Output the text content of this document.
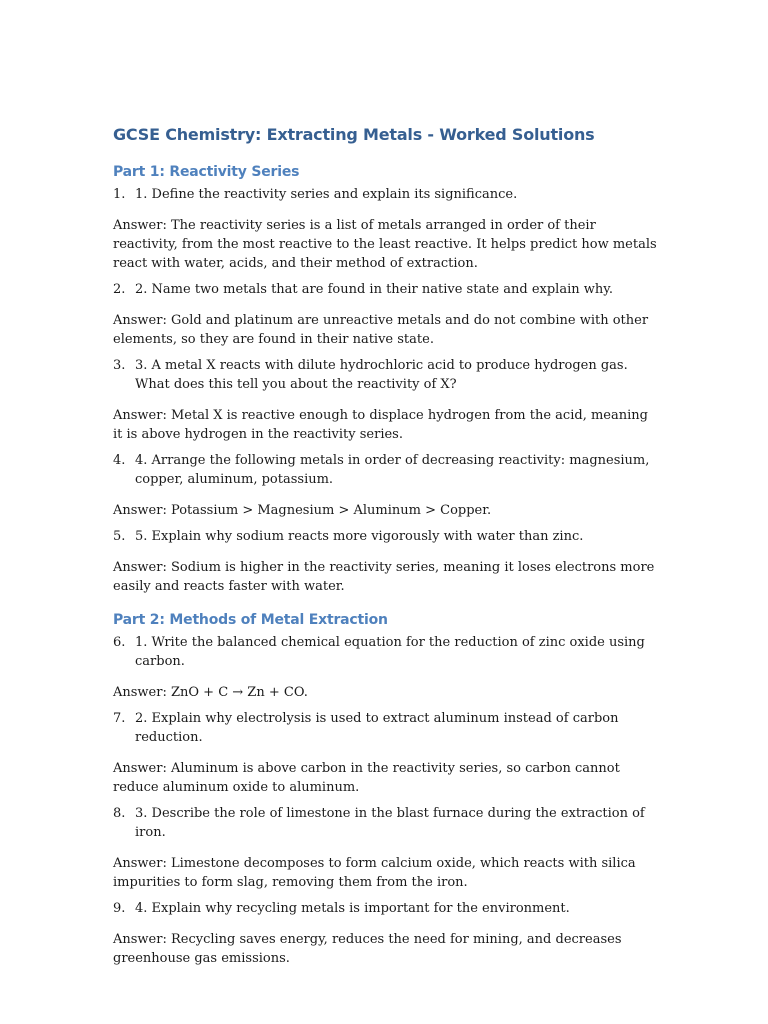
GCSE Chemistry: Extracting Metals - Worked Solutions
Part 1: Reactivity Series
1. 1. Define the reactivity series and explain its significance.
Answer: The reactivity series is a list of metals arranged in order of their reactivity, from the most reactive to the least reactive. It helps predict how metals react with water, acids, and their method of extraction.
2. 2. Name two metals that are found in their native state and explain why.
Answer: Gold and platinum are unreactive metals and do not combine with other elements, so they are found in their native state.
3. 3. A metal X reacts with dilute hydrochloric acid to produce hydrogen gas. What does this tell you about the reactivity of X?
Answer: Metal X is reactive enough to displace hydrogen from the acid, meaning it is above hydrogen in the reactivity series.
4. 4. Arrange the following metals in order of decreasing reactivity: magnesium, copper, aluminum, potassium.
Answer: Potassium > Magnesium > Aluminum > Copper.
5. 5. Explain why sodium reacts more vigorously with water than zinc.
Answer: Sodium is higher in the reactivity series, meaning it loses electrons more easily and reacts faster with water.
Part 2: Methods of Metal Extraction
6. 1. Write the balanced chemical equation for the reduction of zinc oxide using carbon.
Answer: ZnO + C → Zn + CO.
7. 2. Explain why electrolysis is used to extract aluminum instead of carbon reduction.
Answer: Aluminum is above carbon in the reactivity series, so carbon cannot reduce aluminum oxide to aluminum.
8. 3. Describe the role of limestone in the blast furnace during the extraction of iron.
Answer: Limestone decomposes to form calcium oxide, which reacts with silica impurities to form slag, removing them from the iron.
9. 4. Explain why recycling metals is important for the environment.
Answer: Recycling saves energy, reduces the need for mining, and decreases greenhouse gas emissions.
